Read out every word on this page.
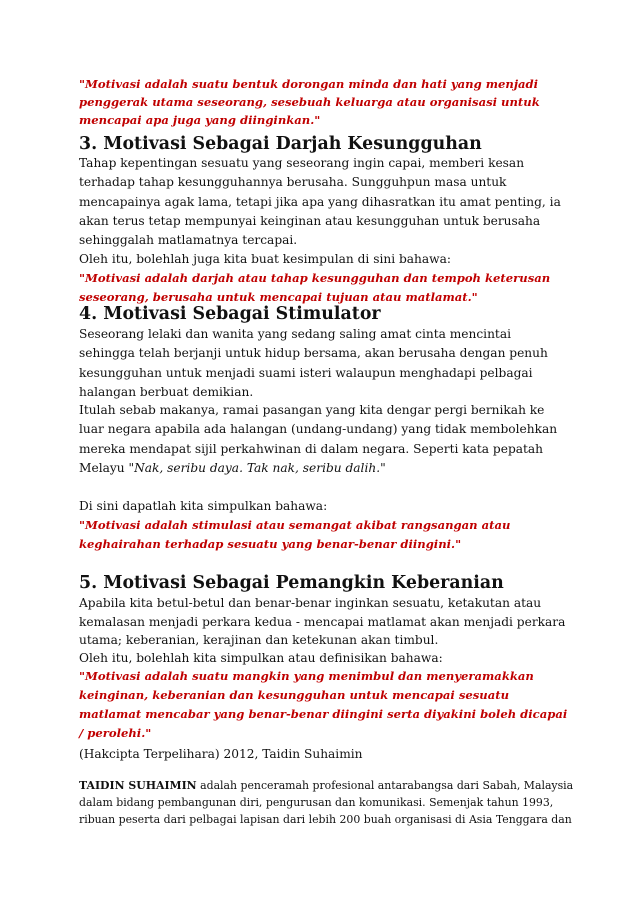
"Motivasi adalah suatu bentuk dorongan minda dan hati yang menjadi penggerak utama seseorang, sesebuah keluarga atau organisasi untuk mencapai apa juga yang diinginkan."

3. Motivasi Sebagai Darjah Kesungguhan

Tahap kepentingan sesuatu yang seseorang ingin capai, memberi kesan terhadap tahap kesungguhannya berusaha. Sungguhpun masa untuk mencapainya agak lama, tetapi jika apa yang dihasratkan itu amat penting, ia akan terus tetap mempunyai keinginan atau kesungguhan untuk berusaha sehinggalah matlamatnya tercapai.

Oleh itu, bolehlah juga kita buat kesimpulan di sini bahawa:

"Motivasi adalah darjah atau tahap kesungguhan dan tempoh keterusan seseorang, berusaha untuk mencapai tujuan atau matlamat."

4. Motivasi Sebagai Stimulator

Seseorang lelaki dan wanita yang sedang saling amat cinta mencintai sehingga telah berjanji untuk hidup bersama, akan berusaha dengan penuh kesungguhan untuk menjadi suami isteri walaupun menghadapi pelbagai halangan berbuat demikian.

Itulah sebab makanya, ramai pasangan yang kita dengar pergi bernikah ke luar negara apabila ada halangan (undang-undang) yang tidak membolehkan mereka mendapat sijil perkahwinan di dalam negara. Seperti kata pepatah Melayu "Nak, seribu daya. Tak nak, seribu dalih."

Di sini dapatlah kita simpulkan bahawa:

"Motivasi adalah stimulasi atau semangat akibat rangsangan atau keghairahan terhadap sesuatu yang benar-benar diingini."

5. Motivasi Sebagai Pemangkin Keberanian

Apabila kita betul-betul dan benar-benar inginkan sesuatu, ketakutan atau kemalasan menjadi perkara kedua - mencapai matlamat akan menjadi perkara utama; keberanian, kerajinan dan ketekunan akan timbul.

Oleh itu, bolehlah kita simpulkan atau definisikan bahawa:

"Motivasi adalah suatu mangkin yang menimbul dan menyeramakkan keinginan, keberanian dan kesungguhan untuk mencapai sesuatu matlamat mencabar yang benar-benar diingini serta diyakini boleh dicapai / perolehi."

(Hakcipta Terpelihara) 2012, Taidin Suhaimin

TAIDIN SUHAIMIN adalah penceramah profesional antarabangsa dari Sabah, Malaysia dalam bidang pembangunan diri, pengurusan dan komunikasi. Semenjak tahun 1993, ribuan peserta dari pelbagai lapisan dari lebih 200 buah organisasi di Asia Tenggara dan
